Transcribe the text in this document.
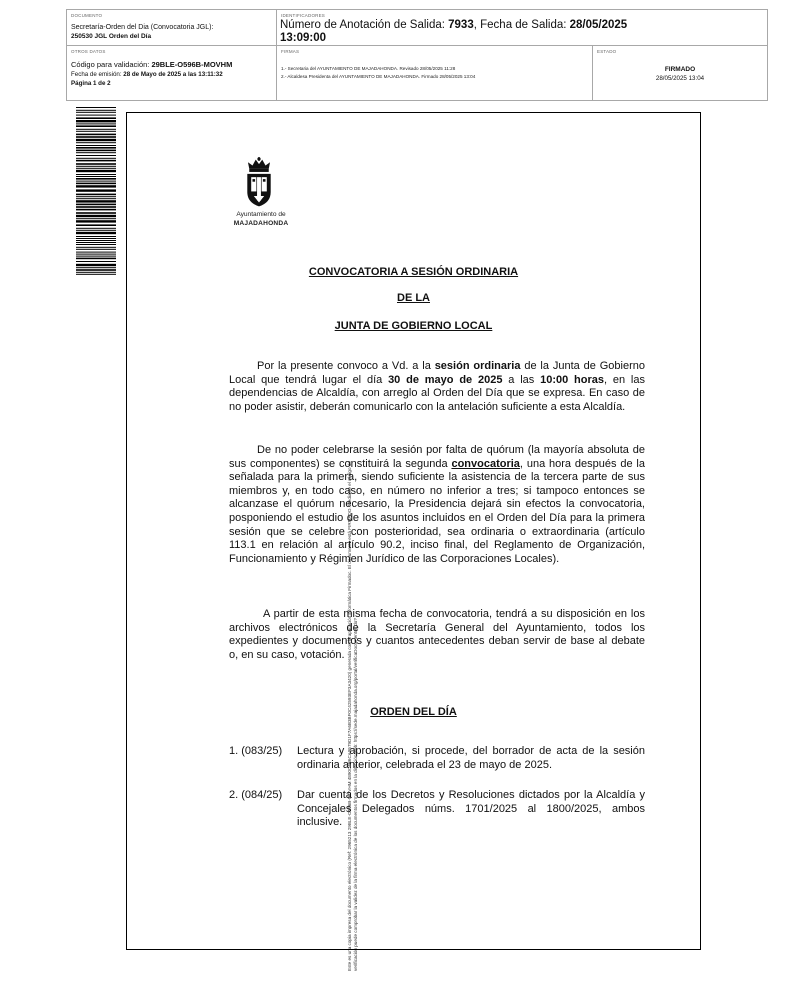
DOCUMENTO
Secretaría-Orden del Dia (Convocatoria JGL):
250530 JGL Orden del Día
IDENTIFICADORES
Número de Anotación de Salida: 7933, Fecha de Salida: 28/05/2025
13:09:00
OTROS DATOS
Código para validación: 29BLE-O596B-MOVHM
Fecha de emisión: 28 de Mayo de 2025 a las 13:11:32
Página 1 de 2
FIRMAS
1.- Secretaria del AYUNTAMIENTO DE MAJADAHONDA. Revisado 28/05/2025 11:28
2.- Alcaldesa Presidenta del AYUNTAMIENTO DE MAJADAHONDA. Firmado 28/05/2025 13:04
ESTADO
FIRMADO
28/05/2025 13:04
Este es una copia impresa del documento electrónico (Ref: 2965213 29BLE-O596B-MOVHM 4890C4B6CA9579D1F7A6B3BF0C42593EF3A3420) generada con la aplicación informática Firmadoc. El documento está FIRMADO. Mediante el código de verificación puede comprobar la validez de la firma electrónica de los documentos firmados en la dirección web: https://sede.majadahonda.org/portal/verificaDocumentos.do?
Ayuntamiento de
MAJADAHONDA
CONVOCATORIA A SESIÓN ORDINARIA
DE LA
JUNTA DE GOBIERNO LOCAL

Por la presente convoco a Vd. a la sesión ordinaria de la Junta de Gobierno Local que tendrá lugar el día 30 de mayo de 2025 a las 10:00 horas, en las dependencias de Alcaldía, con arreglo al Orden del Día que se expresa. En caso de no poder asistir, deberán comunicarlo con la antelación suficiente a esta Alcaldía.

De no poder celebrarse la sesión por falta de quórum (la mayoría absoluta de sus componentes) se constituirá la segunda convocatoria, una hora después de la señalada para la primera, siendo suficiente la asistencia de la tercera parte de sus miembros y, en todo caso, en número no inferior a tres; si tampoco entonces se alcanzase el quórum necesario, la Presidencia dejará sin efectos la convocatoria, posponiendo el estudio de los asuntos incluidos en el Orden del Día para la primera sesión que se celebre con posterioridad, sea ordinaria o extraordinaria (artículo 113.1 en relación al artículo 90.2, inciso final, del Reglamento de Organización, Funcionamiento y Régimen Jurídico de las Corporaciones Locales).

A partir de esta misma fecha de convocatoria, tendrá a su disposición en los archivos electrónicos de la Secretaría General del Ayuntamiento, todos los expedientes y documentos y cuantos antecedentes deban servir de base al debate o, en su caso, votación.

ORDEN DEL DÍA
1. (083/25) Lectura y aprobación, si procede, del borrador de acta de la sesión ordinaria anterior, celebrada el 23 de mayo de 2025.
2. (084/25) Dar cuenta de los Decretos y Resoluciones dictados por la Alcaldía y Concejales Delegados núms. 1701/2025 al 1800/2025, ambos inclusive.
